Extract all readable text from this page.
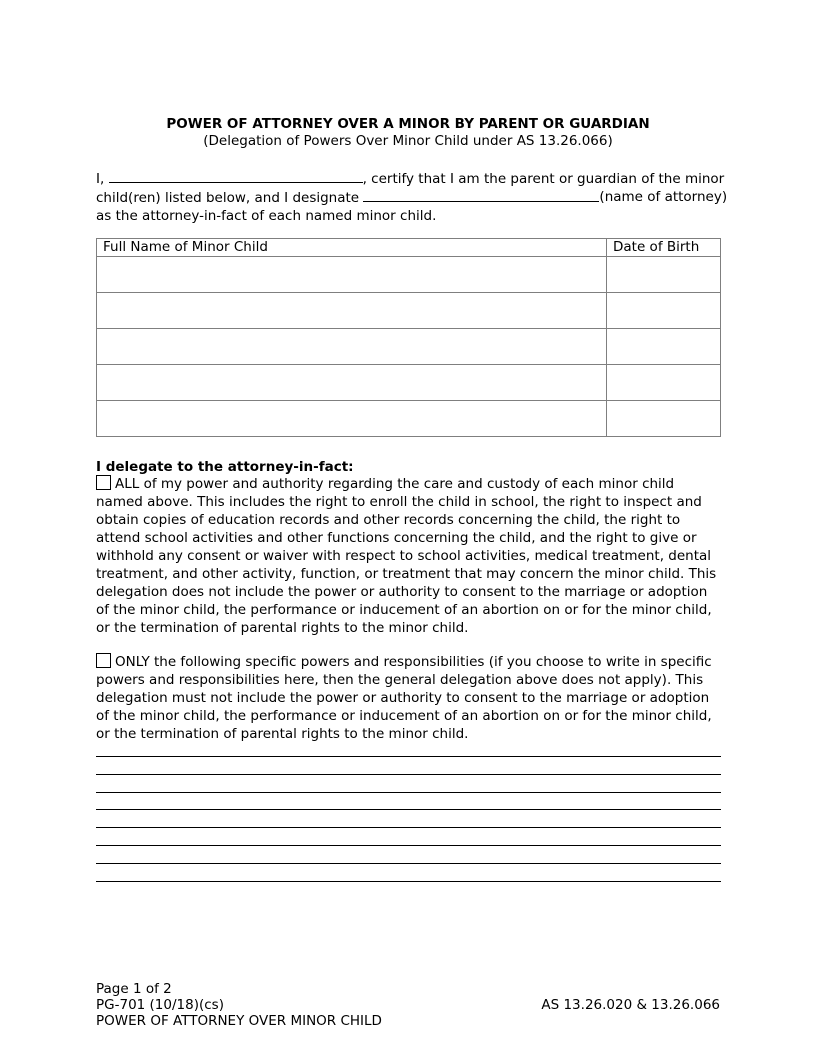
POWER OF ATTORNEY OVER A MINOR BY PARENT OR GUARDIAN
(Delegation of Powers Over Minor Child under AS 13.26.066)
I,	, certify that I am the parent or guardian of the minor
child(ren) listed below, and I designate	(name of attorney)
as the attorney-in-fact of each named minor child.
Full Name of Minor Child	Date of Birth

I delegate to the attorney-in-fact:
ALL of my power and authority regarding the care and custody of each minor child named above. This includes the right to enroll the child in school, the right to inspect and obtain copies of education records and other records concerning the child, the right to attend school activities and other functions concerning the child, and the right to give or withhold any consent or waiver with respect to school activities, medical treatment, dental treatment, and other activity, function, or treatment that may concern the minor child. This delegation does not include the power or authority to consent to the marriage or adoption of the minor child, the performance or inducement of an abortion on or for the minor child, or the termination of parental rights to the minor child.
ONLY the following specific powers and responsibilities (if you choose to write in specific powers and responsibilities here, then the general delegation above does not apply). This delegation must not include the power or authority to consent to the marriage or adoption of the minor child, the performance or inducement of an abortion on or for the minor child, or the termination of parental rights to the minor child.
Page 1 of 2
PG-701 (10/18)(cs)
POWER OF ATTORNEY OVER MINOR CHILD
AS 13.26.020 & 13.26.066
